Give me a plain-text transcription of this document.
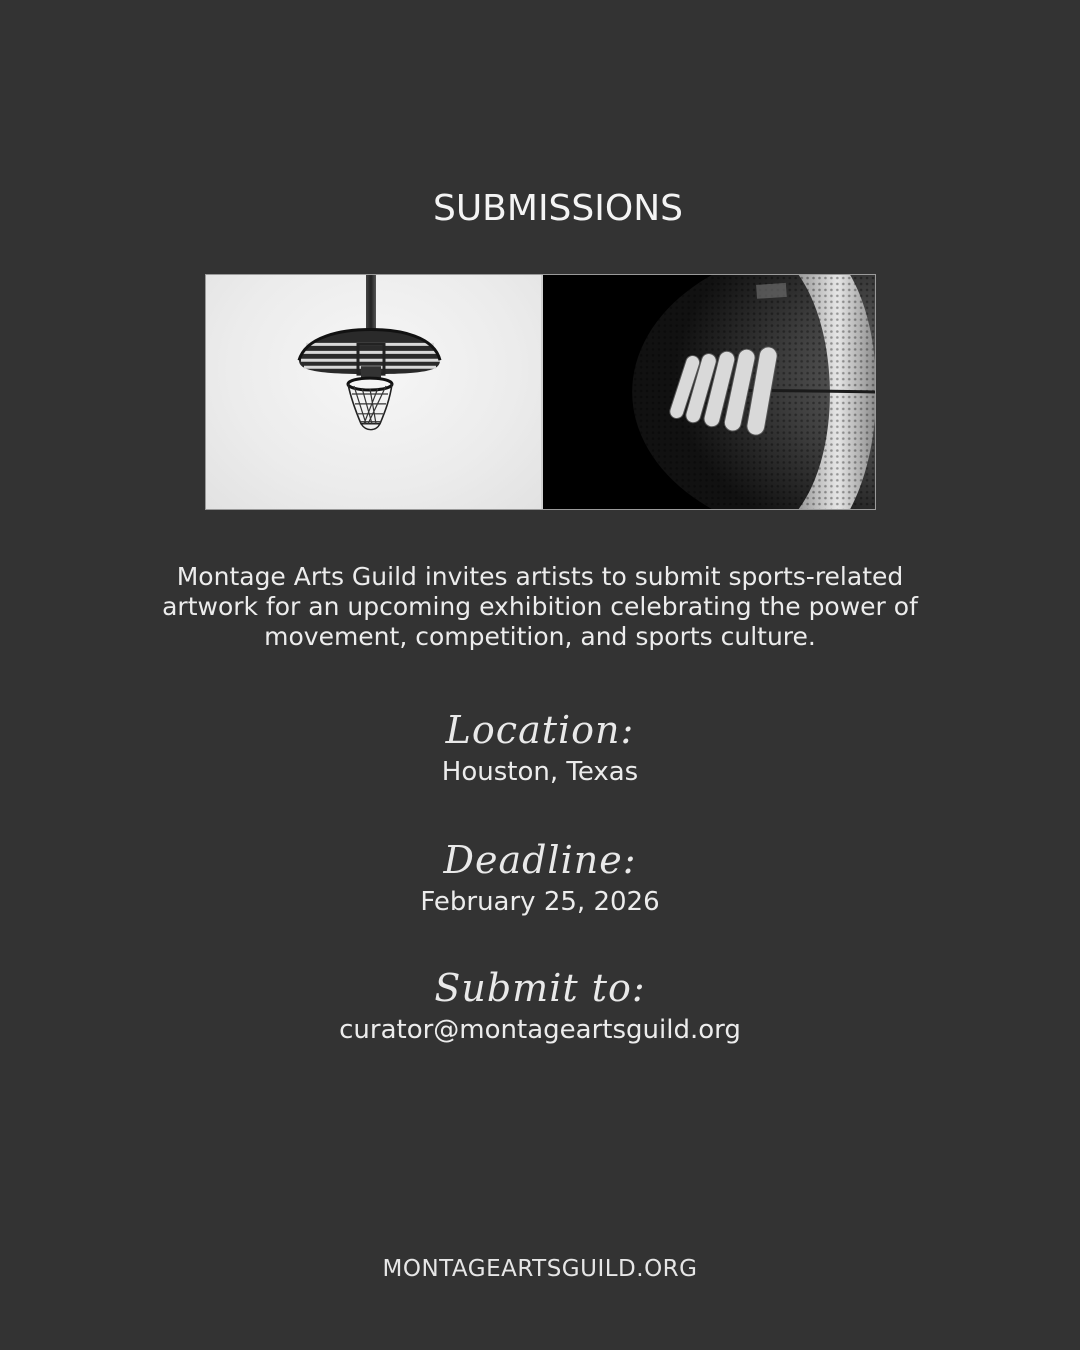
SUBMISSIONS
Montage Arts Guild invites artists to submit sports-related artwork for an upcoming exhibition celebrating the power of movement, competition, and sports culture.
Location:
Houston, Texas
Deadline:
February 25, 2026
Submit to:
curator@montageartsguild.org
MONTAGEARTSGUILD.ORG
